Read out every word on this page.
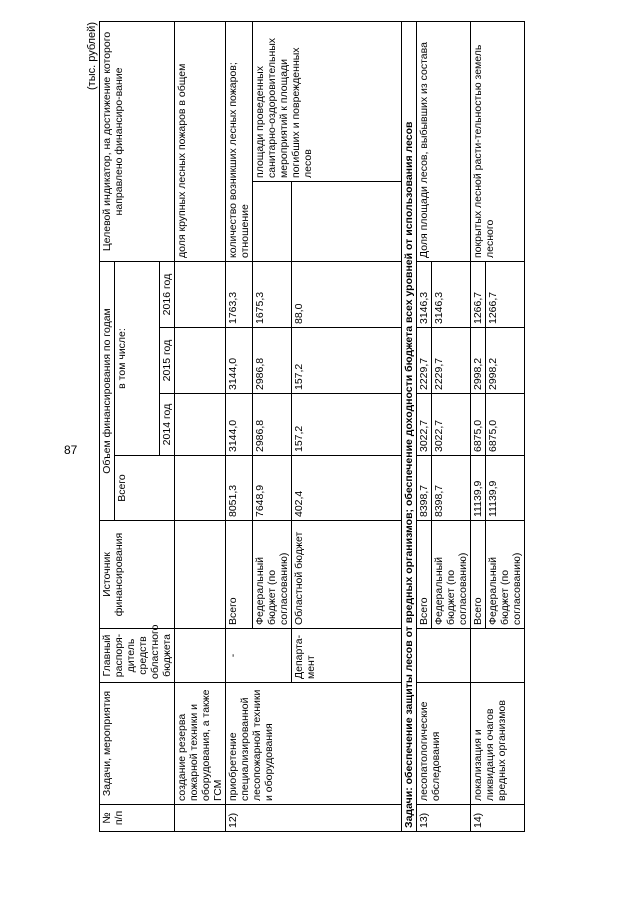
87
(тыс. рублей)
№ п/п	Задачи, мероприятия	Главный распоря-дитель средств областного бюджета	Источник финансирования	Объем финансирования по годам				Целевой индикатор, на достижение которого направлено финансиро-вание	
				Всего	в том числе:				
					2014 год	2015 год	2016 год		
	создание резерва пожарной техники и оборудования, а также ГСМ							доля крупных лесных пожаров в общем	
12)	приобретение специализированной лесопожарной техники и оборудования	-	Всего	8051,3	3144,0	3144,0	1763,3	количество возникших лесных пожаров; отношение	
			Федеральный бюджет (по согласованию)	7648,9	2986,8	2986,8	1675,3		площади проведенных санитарно-оздоровительных мероприятий к площади погибших и поврежденных лесов
		Департа-мент	Областной бюджет	402,4	157,2	157,2	88,0		
Задачи: обеспечение защиты лесов от вредных организмов; обеспечение доходности бюджета всех уровней от использования лесов									
13)	лесопатологические обследования		Всего	8398,7	3022,7	2229,7	3146,3	Доля площади лесов, выбывших из состава	
			Федеральный бюджет (по согласованию)	8398,7	3022,7	2229,7	3146,3		
14)	локализация и ликвидация очагов вредных организмов		Всего	11139,9	6875,0	2998,2	1266,7	покрытых лесной расти-тельностью земель лесного	
			Федеральный бюджет (по согласованию)	11139,9	6875,0	2998,2	1266,7		
